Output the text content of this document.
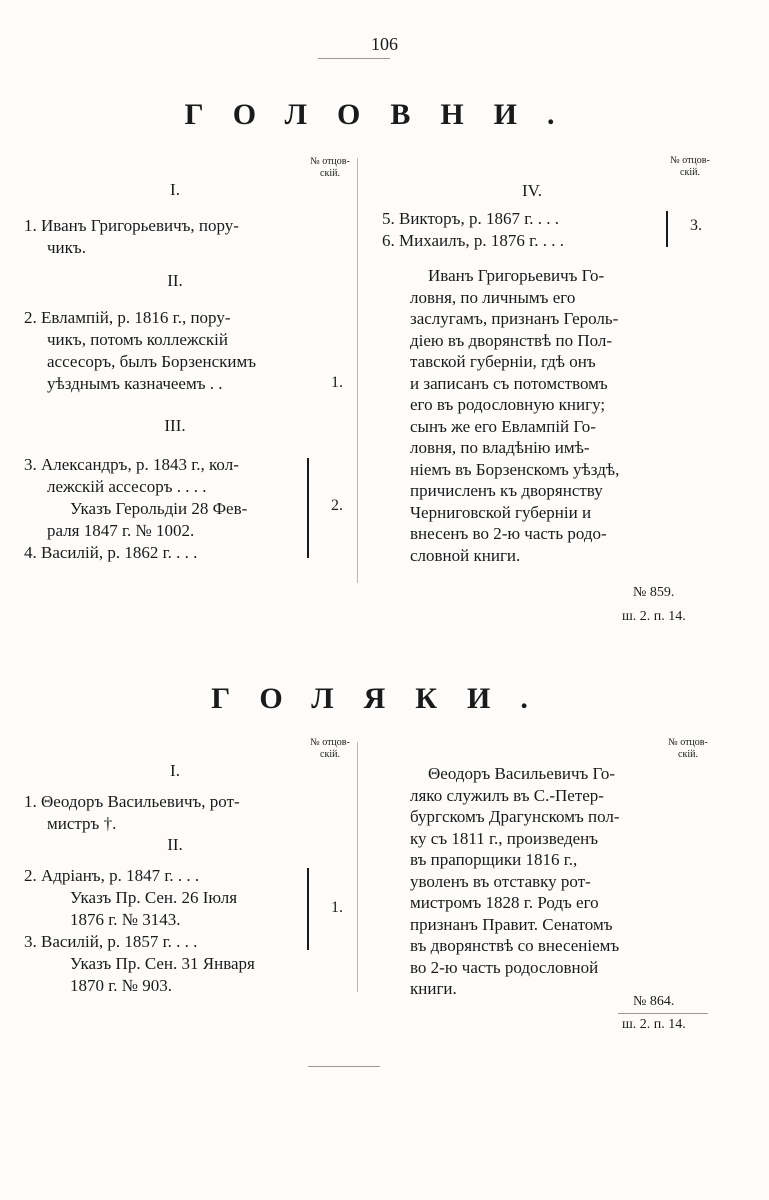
106
ГОЛОВНИ.
№ отцов-
скій.
№ отцов-
скій.
I.
1. Иванъ Григорьевичъ, пору-
чикъ.
II.
2. Евлампій, р. 1816 г., пору-
чикъ, потомъ коллежскій
ассесоръ, былъ Борзенскимъ
уѣзднымъ казначеемъ . .	1.
III.
3. Александръ, р. 1843 г., кол-
лежскій ассесоръ . . . .
Указъ Герольдіи 28 Фев-
раля 1847 г. № 1002.
4. Василій, р. 1862 г. . . .
2.
IV.
5. Викторъ, р. 1867 г. . . .
6. Михаилъ, р. 1876 г. . . .
3.
Иванъ Григорьевичъ Го-
ловня, по личнымъ его
заслугамъ, признанъ Героль-
діею въ дворянствѣ по Пол-
тавской губерніи, гдѣ онъ
и записанъ съ потомствомъ
его въ родословную книгу;
сынъ же его Евлампій Го-
ловня, по владѣнію имѣ-
ніемъ въ Борзенскомъ уѣздѣ,
причисленъ къ дворянству
Черниговской губерніи и
внесенъ во 2-ю часть родо-
словной книги.
№ 859.
ш. 2. п. 14.
ГОЛЯКИ.
№ отцов-
скій.
№ отцов-
скій.
I.
1. Θеодоръ Васильевичъ, рот-
мистръ †.
II.
2. Адріанъ, р. 1847 г. . . .
Указъ Пр. Сен. 26 Іюля
1876 г. № 3143.
3. Василій, р. 1857 г. . . .
Указъ Пр. Сен. 31 Января
1870 г. № 903.
1.
Θеодоръ Васильевичъ Го-
ляко служилъ въ С.-Петер-
бургскомъ Драгунскомъ пол-
ку съ 1811 г., произведенъ
въ прапорщики 1816 г.,
уволенъ въ отставку рот-
мистромъ 1828 г. Родъ его
признанъ Правит. Сенатомъ
въ дворянствѣ со внесеніемъ
во 2-ю часть родословной
книги.
№ 864.
ш. 2. п. 14.
